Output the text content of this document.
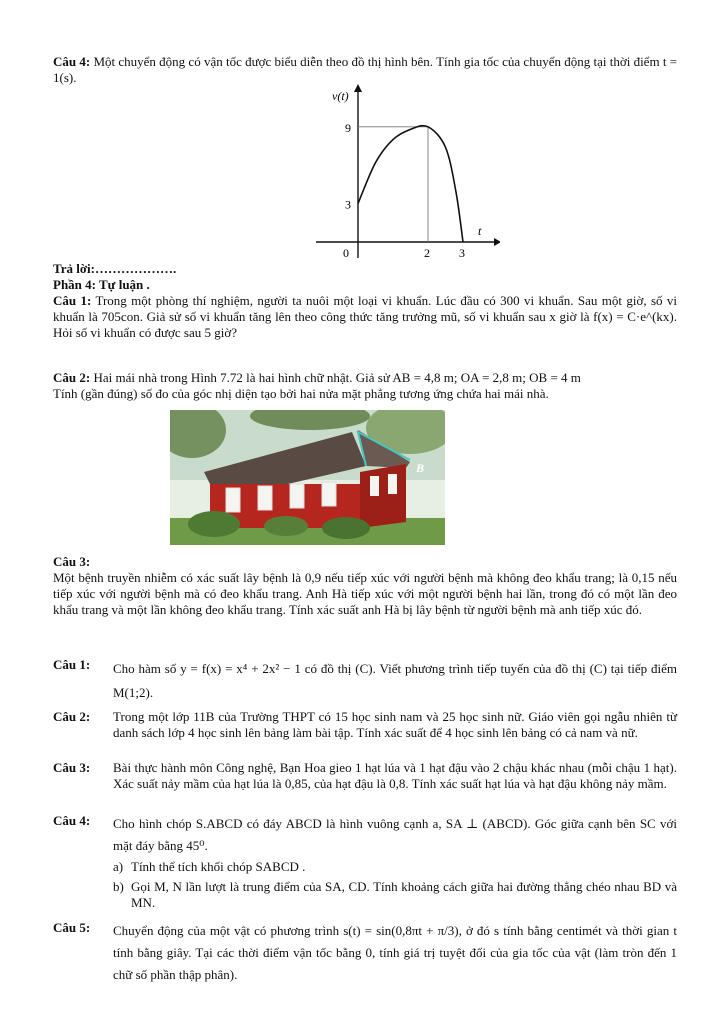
Câu 4: Một chuyển động có vận tốc được biểu diễn theo đồ thị hình bên. Tính gia tốc của chuyển động tại thời điểm t = 1(s).
v(t)
t
0	2 3
3
9
Trả lời:……………….
Phần 4: Tự luận .
Câu 1: Trong một phòng thí nghiệm, người ta nuôi một loại vi khuẩn. Lúc đầu có 300 vi khuẩn. Sau một giờ, số vi khuẩn là 705con. Giả sử số vi khuẩn tăng lên theo công thức tăng trưởng mũ, số vi khuẩn sau x giờ là f(x) = C·e^(kx). Hỏi số vi khuẩn có được sau 5 giờ?
Câu 2: Hai mái nhà trong Hình 7.72 là hai hình chữ nhật. Giả sử AB = 4,8 m; OA = 2,8 m; OB = 4 m
Tính (gần đúng) số đo của góc nhị diện tạo bởi hai nửa mặt phẳng tương ứng chứa hai mái nhà.
B
Câu 3:
Một bệnh truyền nhiễm có xác suất lây bệnh là 0,9 nếu tiếp xúc với người bệnh mà không đeo khẩu trang; là 0,15 nếu tiếp xúc với người bệnh mà có đeo khẩu trang. Anh Hà tiếp xúc với một người bệnh hai lần, trong đó có một lần đeo khẩu trang và một lần không đeo khẩu trang. Tính xác suất anh Hà bị lây bệnh từ người bệnh mà anh tiếp xúc đó.
Câu 1: Cho hàm số y = f(x) = x⁴ + 2x² − 1 có đồ thị (C). Viết phương trình tiếp tuyến của đồ thị (C) tại tiếp điểm M(1;2).
Câu 2: Trong một lớp 11B của Trường THPT có 15 học sinh nam và 25 học sinh nữ. Giáo viên gọi ngẫu nhiên từ danh sách lớp 4 học sinh lên bảng làm bài tập. Tính xác suất để 4 học sinh lên bảng có cả nam và nữ.
Câu 3: Bài thực hành môn Công nghệ, Bạn Hoa gieo 1 hạt lúa và 1 hạt đậu vào 2 chậu khác nhau (mỗi chậu 1 hạt). Xác suất nảy mầm của hạt lúa là 0,85, của hạt đậu là 0,8. Tính xác suất hạt lúa và hạt đậu không nảy mầm.
Câu 4: Cho hình chóp S.ABCD có đáy ABCD là hình vuông cạnh a, SA ⊥ (ABCD). Góc giữa cạnh bên SC với mặt đáy bằng 45⁰.
a) Tính thể tích khối chóp SABCD .
b) Gọi M, N lần lượt là trung điểm của SA, CD. Tính khoảng cách giữa hai đường thẳng chéo nhau BD và MN.
Câu 5: Chuyển động của một vật có phương trình s(t) = sin(0,8πt + π/3), ở đó s tính bằng centimét và thời gian t tính bằng giây. Tại các thời điểm vận tốc bằng 0, tính giá trị tuyệt đối của gia tốc của vật (làm tròn đến 1 chữ số phần thập phân).
